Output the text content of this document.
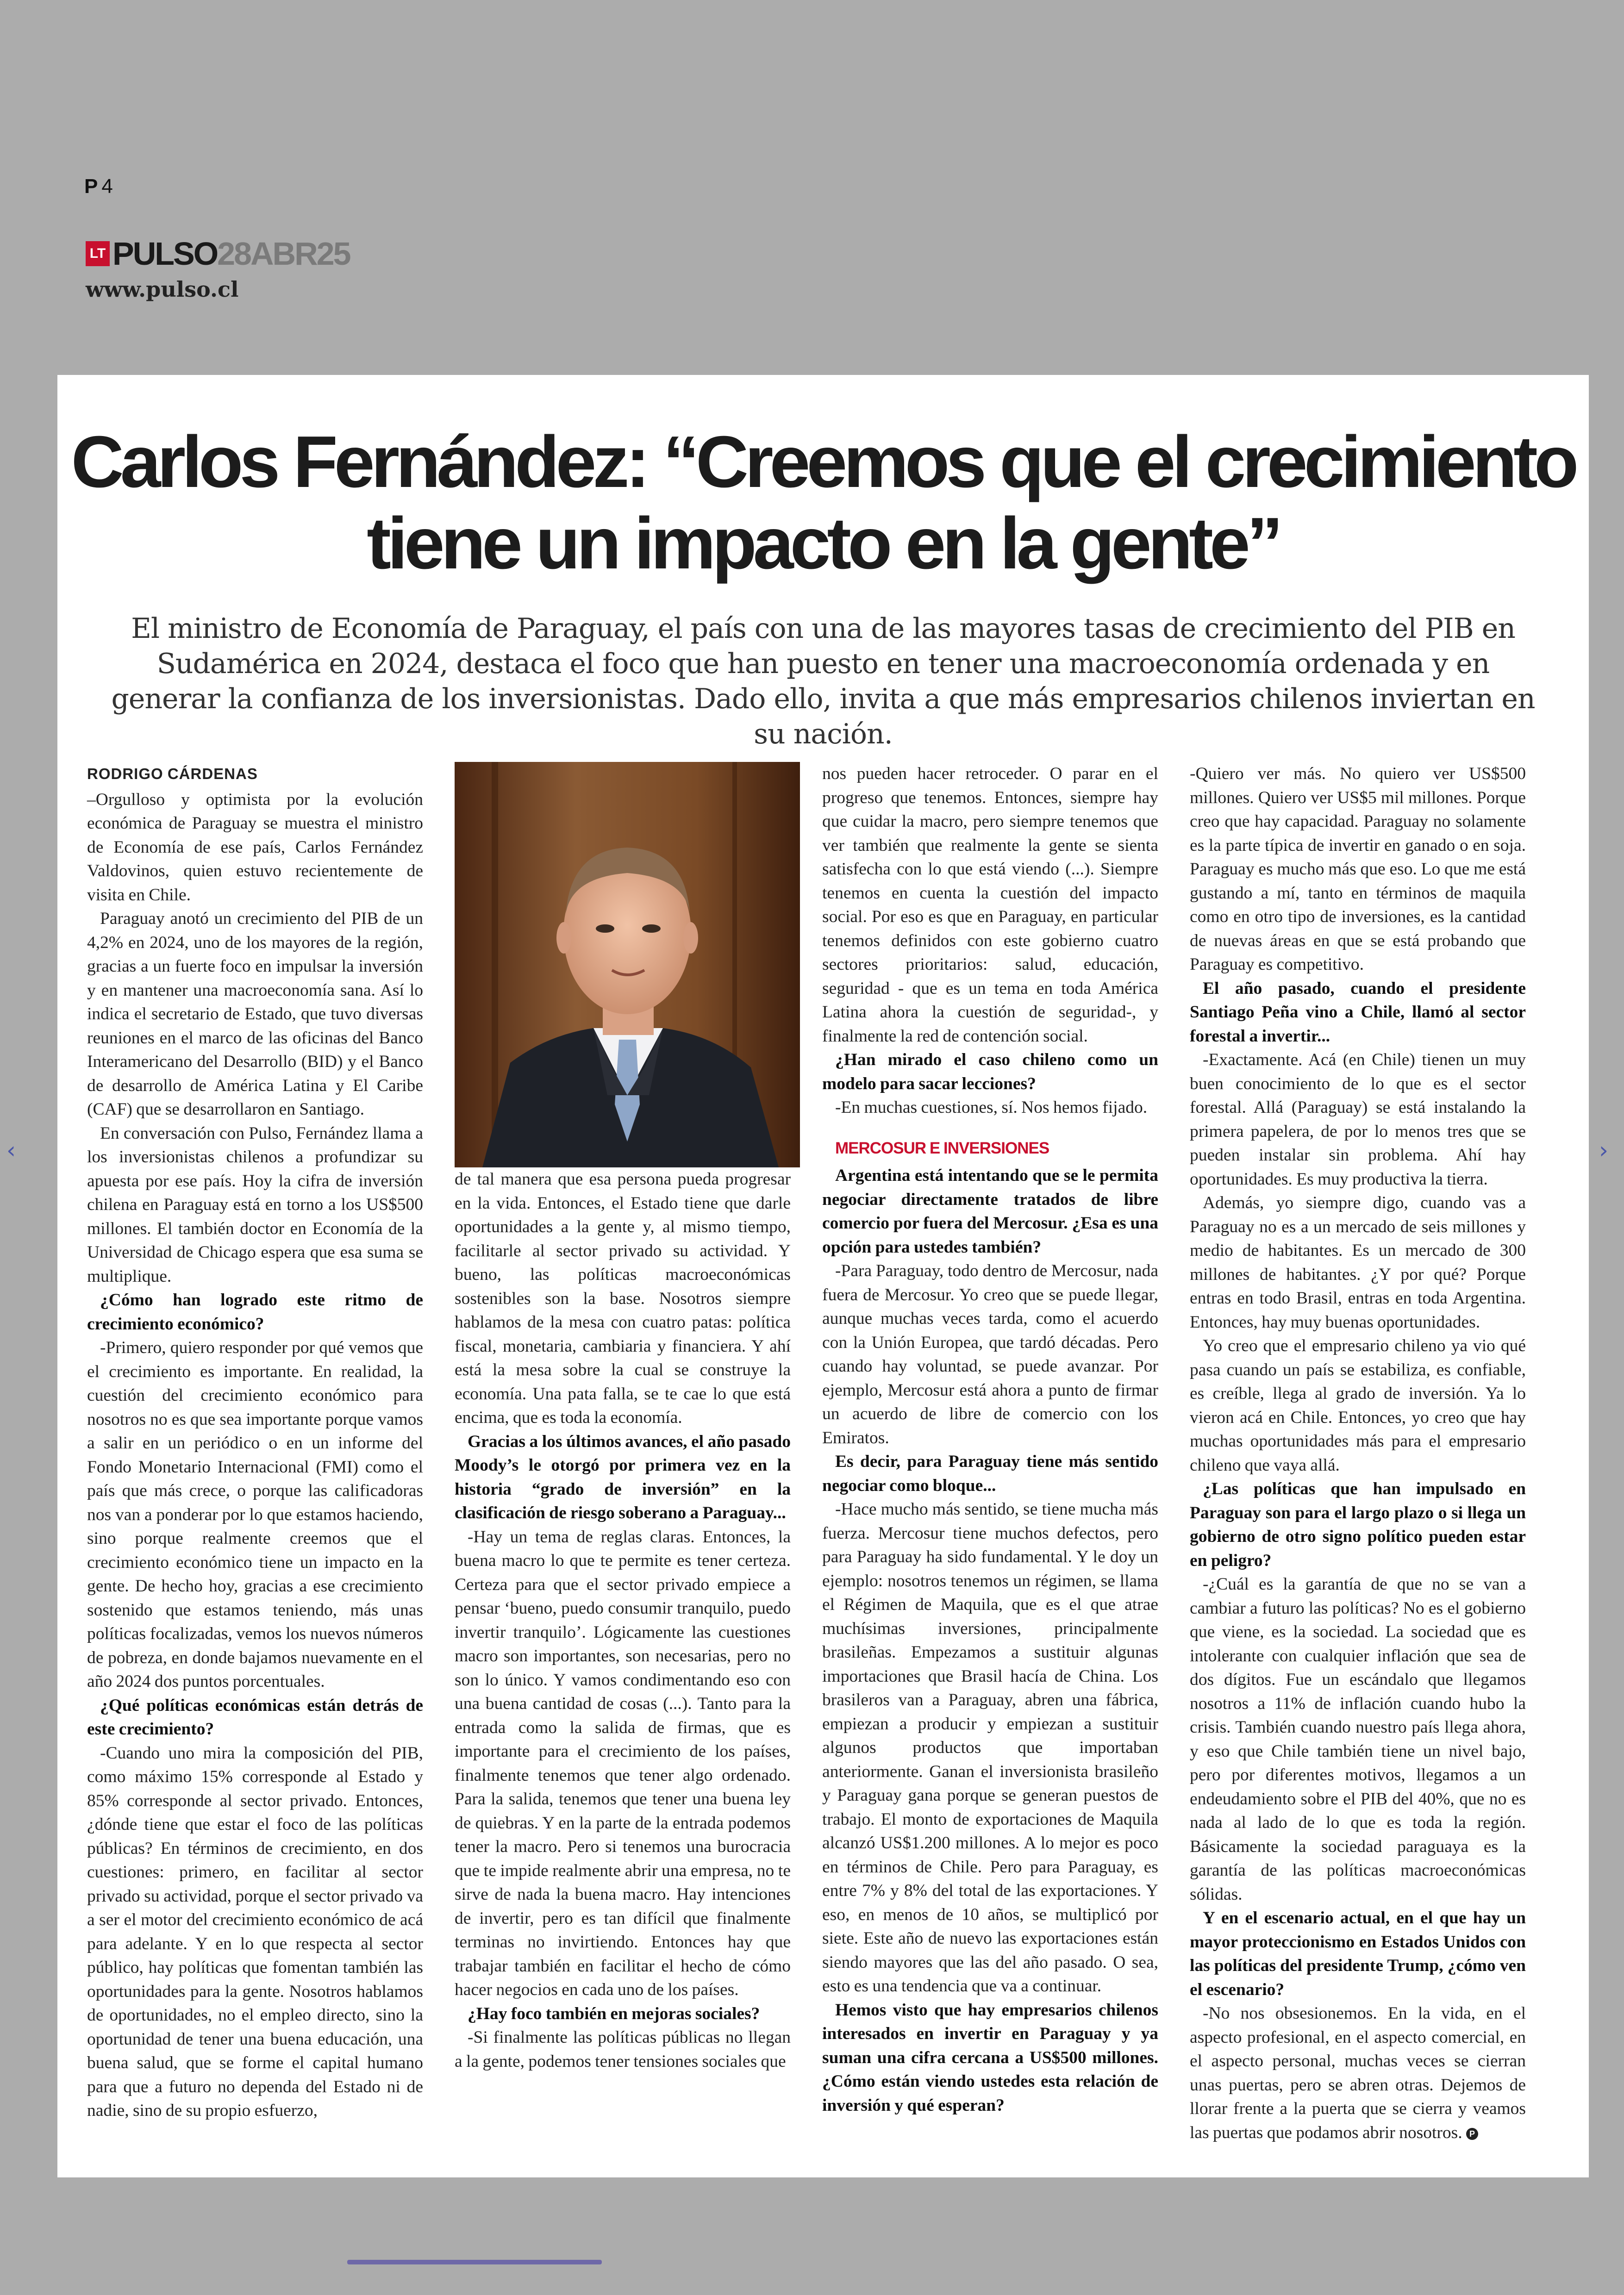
P 4
LT PULSO 28ABR25
www.pulso.cl
Carlos Fernández: “Creemos que el crecimiento tiene un impacto en la gente”

El ministro de Economía de Paraguay, el país con una de las mayores tasas de crecimiento del PIB en Sudamérica en 2024, destaca el foco que han puesto en tener una macroeconomía ordenada y en generar la confianza de los inversionistas. Dado ello, invita a que más empresarios chilenos inviertan en su nación.

RODRIGO CÁRDENAS

–Orgulloso y optimista por la evolución económica de Paraguay se muestra el ministro de Economía de ese país, Carlos Fernández Valdovinos, quien estuvo recientemente de visita en Chile.

Paraguay anotó un crecimiento del PIB de un 4,2% en 2024, uno de los mayores de la región, gracias a un fuerte foco en impulsar la inversión y en mantener una macroeconomía sana. Así lo indica el secretario de Estado, que tuvo diversas reuniones en el marco de las oficinas del Banco Interamericano del Desarrollo (BID) y el Banco de desarrollo de América Latina y El Caribe (CAF) que se desarrollaron en Santiago.

En conversación con Pulso, Fernández llama a los inversionistas chilenos a profundizar su apuesta por ese país. Hoy la cifra de inversión chilena en Paraguay está en torno a los US$500 millones. El también doctor en Economía de la Universidad de Chicago espera que esa suma se multiplique.

¿Cómo han logrado este ritmo de crecimiento económico?

-Primero, quiero responder por qué vemos que el crecimiento es importante. En realidad, la cuestión del crecimiento económico para nosotros no es que sea importante porque vamos a salir en un periódico o en un informe del Fondo Monetario Internacional (FMI) como el país que más crece, o porque las calificadoras nos van a ponderar por lo que estamos haciendo, sino porque realmente creemos que el crecimiento económico tiene un impacto en la gente. De hecho hoy, gracias a ese crecimiento sostenido que estamos teniendo, más unas políticas focalizadas, vemos los nuevos números de pobreza, en donde bajamos nuevamente en el año 2024 dos puntos porcentuales.

¿Qué políticas económicas están detrás de este crecimiento?

-Cuando uno mira la composición del PIB, como máximo 15% corresponde al Estado y 85% corresponde al sector privado. Entonces, ¿dónde tiene que estar el foco de las políticas públicas? En términos de crecimiento, en dos cuestiones: primero, en facilitar al sector privado su actividad, porque el sector privado va a ser el motor del crecimiento económico de acá para adelante. Y en lo que respecta al sector público, hay políticas que fomentan también las oportunidades para la gente. Nosotros hablamos de oportunidades, no el empleo directo, sino la oportunidad de tener una buena educación, una buena salud, que se forme el capital humano para que a futuro no dependa del Estado ni de nadie, sino de su propio esfuerzo,

de tal manera que esa persona pueda progresar en la vida. Entonces, el Estado tiene que darle oportunidades a la gente y, al mismo tiempo, facilitarle al sector privado su actividad. Y bueno, las políticas macroeconómicas sostenibles son la base. Nosotros siempre hablamos de la mesa con cuatro patas: política fiscal, monetaria, cambiaria y financiera. Y ahí está la mesa sobre la cual se construye la economía. Una pata falla, se te cae lo que está encima, que es toda la economía.

Gracias a los últimos avances, el año pasado Moody’s le otorgó por primera vez en la historia “grado de inversión” en la clasificación de riesgo soberano a Paraguay...

-Hay un tema de reglas claras. Entonces, la buena macro lo que te permite es tener certeza. Certeza para que el sector privado empiece a pensar ‘bueno, puedo consumir tranquilo, puedo invertir tranquilo’. Lógicamente las cuestiones macro son importantes, son necesarias, pero no son lo único. Y vamos condimentando eso con una buena cantidad de cosas (...). Tanto para la entrada como la salida de firmas, que es importante para el crecimiento de los países, finalmente tenemos que tener algo ordenado. Para la salida, tenemos que tener una buena ley de quiebras. Y en la parte de la entrada podemos tener la macro. Pero si tenemos una burocracia que te impide realmente abrir una empresa, no te sirve de nada la buena macro. Hay intenciones de invertir, pero es tan difícil que finalmente terminas no invirtiendo. Entonces hay que trabajar también en facilitar el hecho de cómo hacer negocios en cada uno de los países.

¿Hay foco también en mejoras sociales?

-Si finalmente las políticas públicas no llegan a la gente, podemos tener tensiones sociales que

nos pueden hacer retroceder. O parar en el progreso que tenemos. Entonces, siempre hay que cuidar la macro, pero siempre tenemos que ver también que realmente la gente se sienta satisfecha con lo que está viendo (...). Siempre tenemos en cuenta la cuestión del impacto social. Por eso es que en Paraguay, en particular tenemos definidos con este gobierno cuatro sectores prioritarios: salud, educación, seguridad - que es un tema en toda América Latina ahora la cuestión de seguridad-, y finalmente la red de contención social.

¿Han mirado el caso chileno como un modelo para sacar lecciones?

-En muchas cuestiones, sí. Nos hemos fijado.

MERCOSUR E INVERSIONES

Argentina está intentando que se le permita negociar directamente tratados de libre comercio por fuera del Mercosur. ¿Esa es una opción para ustedes también?

-Para Paraguay, todo dentro de Mercosur, nada fuera de Mercosur. Yo creo que se puede llegar, aunque muchas veces tarda, como el acuerdo con la Unión Europea, que tardó décadas. Pero cuando hay voluntad, se puede avanzar. Por ejemplo, Mercosur está ahora a punto de firmar un acuerdo de libre de comercio con los Emiratos.

Es decir, para Paraguay tiene más sentido negociar como bloque...

-Hace mucho más sentido, se tiene mucha más fuerza. Mercosur tiene muchos defectos, pero para Paraguay ha sido fundamental. Y le doy un ejemplo: nosotros tenemos un régimen, se llama el Régimen de Maquila, que es el que atrae muchísimas inversiones, principalmente brasileñas. Empezamos a sustituir algunas importaciones que Brasil hacía de China. Los brasileros van a Paraguay, abren una fábrica, empiezan a producir y empiezan a sustituir algunos productos que importaban anteriormente. Ganan el inversionista brasileño y Paraguay gana porque se generan puestos de trabajo. El monto de exportaciones de Maquila alcanzó US$1.200 millones. A lo mejor es poco en términos de Chile. Pero para Paraguay, es entre 7% y 8% del total de las exportaciones. Y eso, en menos de 10 años, se multiplicó por siete. Este año de nuevo las exportaciones están siendo mayores que las del año pasado. O sea, esto es una tendencia que va a continuar.

Hemos visto que hay empresarios chilenos interesados en invertir en Paraguay y ya suman una cifra cercana a US$500 millones. ¿Cómo están viendo ustedes esta relación de inversión y qué esperan?

-Quiero ver más. No quiero ver US$500 millones. Quiero ver US$5 mil millones. Porque creo que hay capacidad. Paraguay no solamente es la parte típica de invertir en ganado o en soja. Paraguay es mucho más que eso. Lo que me está gustando a mí, tanto en términos de maquila como en otro tipo de inversiones, es la cantidad de nuevas áreas en que se está probando que Paraguay es competitivo.

El año pasado, cuando el presidente Santiago Peña vino a Chile, llamó al sector forestal a invertir...

-Exactamente. Acá (en Chile) tienen un muy buen conocimiento de lo que es el sector forestal. Allá (Paraguay) se está instalando la primera papelera, de por lo menos tres que se pueden instalar sin problema. Ahí hay oportunidades. Es muy productiva la tierra.

Además, yo siempre digo, cuando vas a Paraguay no es a un mercado de seis millones y medio de habitantes. Es un mercado de 300 millones de habitantes. ¿Y por qué? Porque entras en todo Brasil, entras en toda Argentina. Entonces, hay muy buenas oportunidades.

Yo creo que el empresario chileno ya vio qué pasa cuando un país se estabiliza, es confiable, es creíble, llega al grado de inversión. Ya lo vieron acá en Chile. Entonces, yo creo que hay muchas oportunidades más para el empresario chileno que vaya allá.

¿Las políticas que han impulsado en Paraguay son para el largo plazo o si llega un gobierno de otro signo político pueden estar en peligro?

-¿Cuál es la garantía de que no se van a cambiar a futuro las políticas? No es el gobierno que viene, es la sociedad. La sociedad que es intolerante con cualquier inflación que sea de dos dígitos. Fue un escándalo que llegamos nosotros a 11% de inflación cuando hubo la crisis. También cuando nuestro país llega ahora, y eso que Chile también tiene un nivel bajo, pero por diferentes motivos, llegamos a un endeudamiento sobre el PIB del 40%, que no es nada al lado de lo que es toda la región. Básicamente la sociedad paraguaya es la garantía de las políticas macroeconómicas sólidas.

Y en el escenario actual, en el que hay un mayor proteccionismo en Estados Unidos con las políticas del presidente Trump, ¿cómo ven el escenario?

-No nos obsesionemos. En la vida, en el aspecto profesional, en el aspecto comercial, en el aspecto personal, muchas veces se cierran unas puertas, pero se abren otras. Dejemos de llorar frente a la puerta que se cierra y veamos las puertas que podamos abrir nosotros. P

‹	›
